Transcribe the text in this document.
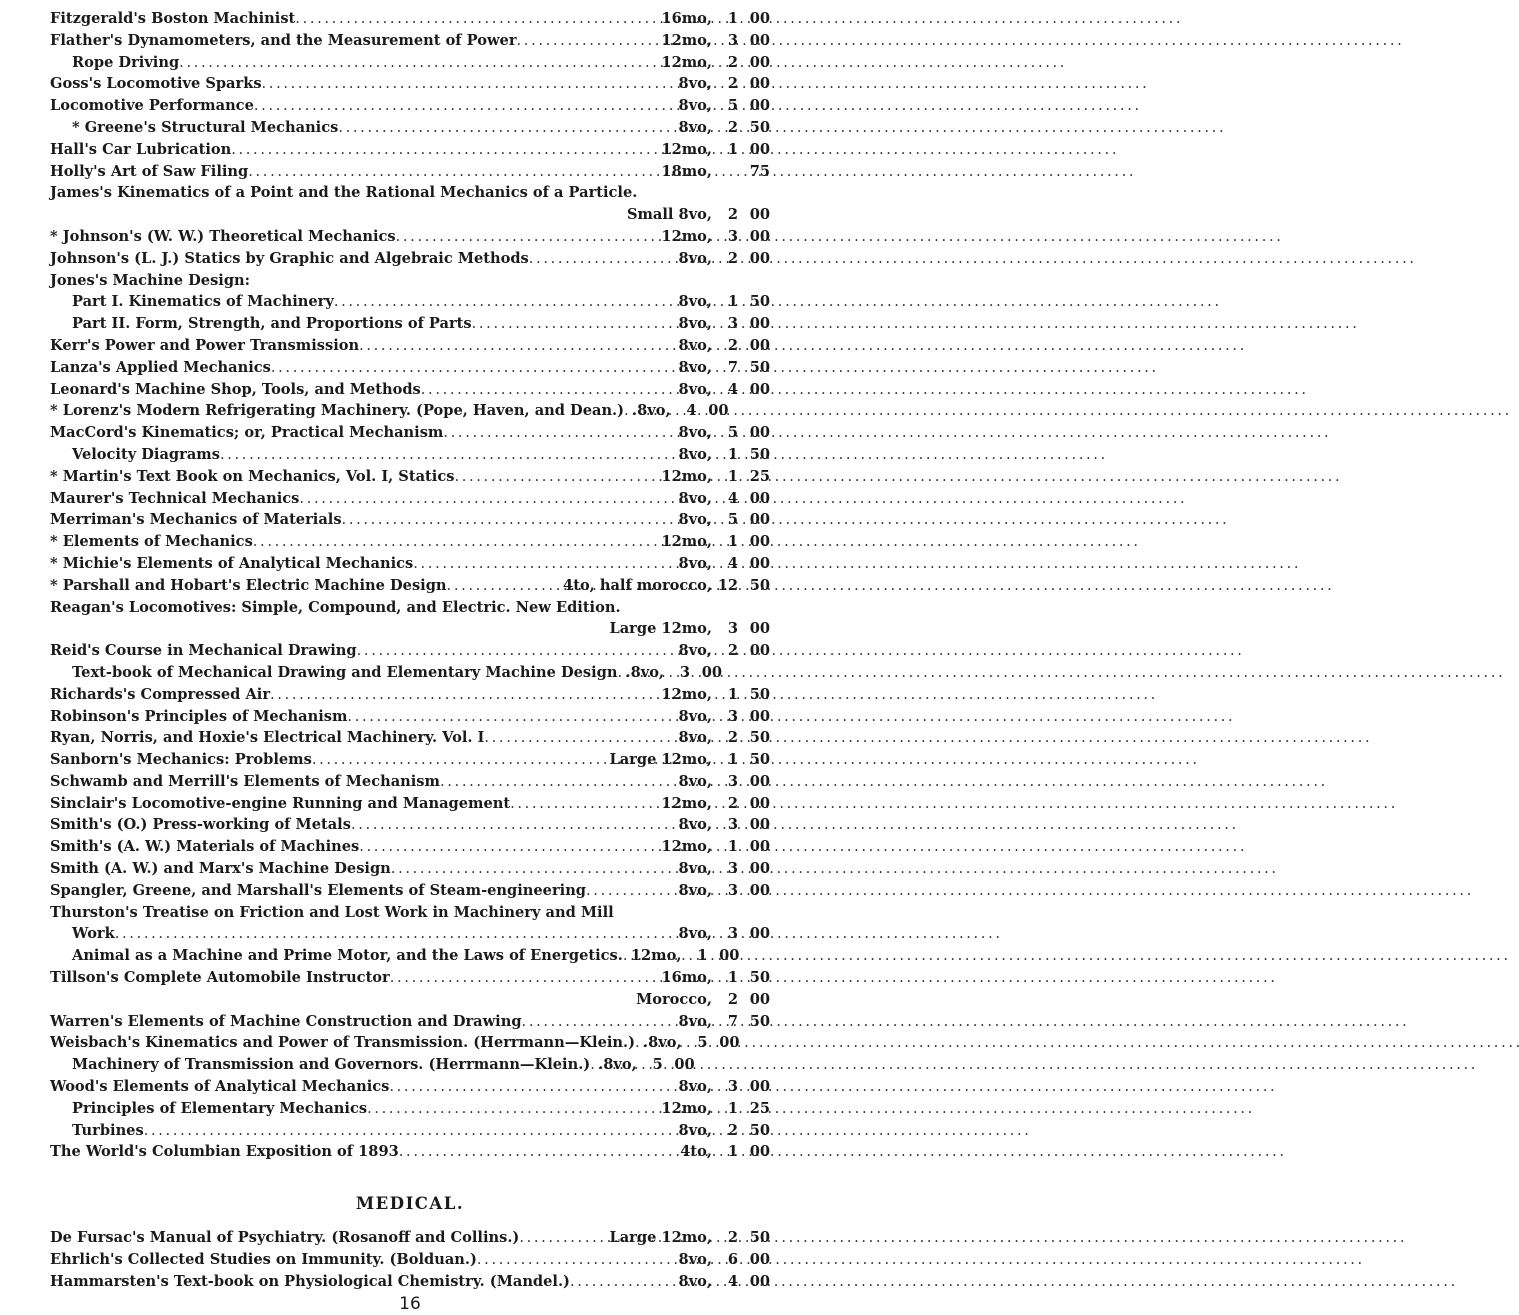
Fitzgerald's Boston Machinist . . .	16mo,	1 00
Flather's Dynamometers, and the Measurement of Power . . .	12mo,	3 00
Rope Driving . . .	12mo,	2 00
Goss's Locomotive Sparks . . .	8vo,	2 00
Locomotive Performance . . .	8vo,	5 00
* Greene's Structural Mechanics . . .	8vo,	2 50
Hall's Car Lubrication . . .	12mo,	1 00
Holly's Art of Saw Filing . . .	18mo,	75
James's Kinematics of a Point and the Rational Mechanics of a Particle.
Small 8vo,	2 00
* Johnson's (W. W.) Theoretical Mechanics . . .	12mo,	3 00
Johnson's (L. J.) Statics by Graphic and Algebraic Methods . . .	8vo,	2 00
Jones's Machine Design:
Part I. Kinematics of Machinery . . .	8vo,	1 50
Part II. Form, Strength, and Proportions of Parts . . .	8vo,	3 00
Kerr's Power and Power Transmission . . .	8vo,	2 00
Lanza's Applied Mechanics . . .	8vo,	7 50
Leonard's Machine Shop, Tools, and Methods . . .	8vo,	4 00
* Lorenz's Modern Refrigerating Machinery. (Pope, Haven, and Dean.) . . . .8vo,	4 00
MacCord's Kinematics; or, Practical Mechanism . . .	8vo,	5 00
Velocity Diagrams . . .	8vo,	1 50
* Martin's Text Book on Mechanics, Vol. I, Statics . . .	12mo,	1 25
Maurer's Technical Mechanics . . .	8vo,	4 00
Merriman's Mechanics of Materials . . .	8vo,	5 00
* Elements of Mechanics . . .	12mo,	1 00
* Michie's Elements of Analytical Mechanics . . .	8vo,	4 00
* Parshall and Hobart's Electric Machine Design . . .	4to, half morocco, 12 50
Reagan's Locomotives: Simple, Compound, and Electric. New Edition.
Large 12mo,	3 00
Reid's Course in Mechanical Drawing . . .	8vo,	2 00
Text-book of Mechanical Drawing and Elementary Machine Design . . . .8vo,	3 00
Richards's Compressed Air . . .	12mo,	1 50
Robinson's Principles of Mechanism . . .	8vo,	3 00
Ryan, Norris, and Hoxie's Electrical Machinery. Vol. I . . .	8vo,	2 50
Sanborn's Mechanics: Problems . . .	Large 12mo,	1 50
Schwamb and Merrill's Elements of Mechanism . . .	8vo,	3 00
Sinclair's Locomotive-engine Running and Management . . .	12mo,	2 00
Smith's (O.) Press-working of Metals . . .	8vo,	3 00
Smith's (A. W.) Materials of Machines . . .	12mo,	1 00
Smith (A. W.) and Marx's Machine Design . . .	8vo,	3 00
Spangler, Greene, and Marshall's Elements of Steam-engineering . . .	8vo,	3 00
Thurston's Treatise on Friction and Lost Work in Machinery and Mill
Work . . .	8vo,	3 00
Animal as a Machine and Prime Motor, and the Laws of Energetics. . . . 12mo,	1 00
Tillson's Complete Automobile Instructor . . .	16mo,	1 50
Morocco,	2 00
Warren's Elements of Machine Construction and Drawing . . .	8vo,	7 50
Weisbach's Kinematics and Power of Transmission. (Herrmann—Klein.) . . . .8vo,	5 00
Machinery of Transmission and Governors. (Herrmann—Klein.) . . . .8vo,	5 00
Wood's Elements of Analytical Mechanics . . .	8vo,	3 00
Principles of Elementary Mechanics . . .	12mo,	1 25
Turbines . . .	8vo,	2 50
The World's Columbian Exposition of 1893 . . .	4to,	1 00
MEDICAL.
De Fursac's Manual of Psychiatry. (Rosanoff and Collins.) . . .	Large 12mo,	2 50
Ehrlich's Collected Studies on Immunity. (Bolduan.) . . .	8vo,	6 00
Hammarsten's Text-book on Physiological Chemistry. (Mandel.) . . .	8vo,	4 00
16
